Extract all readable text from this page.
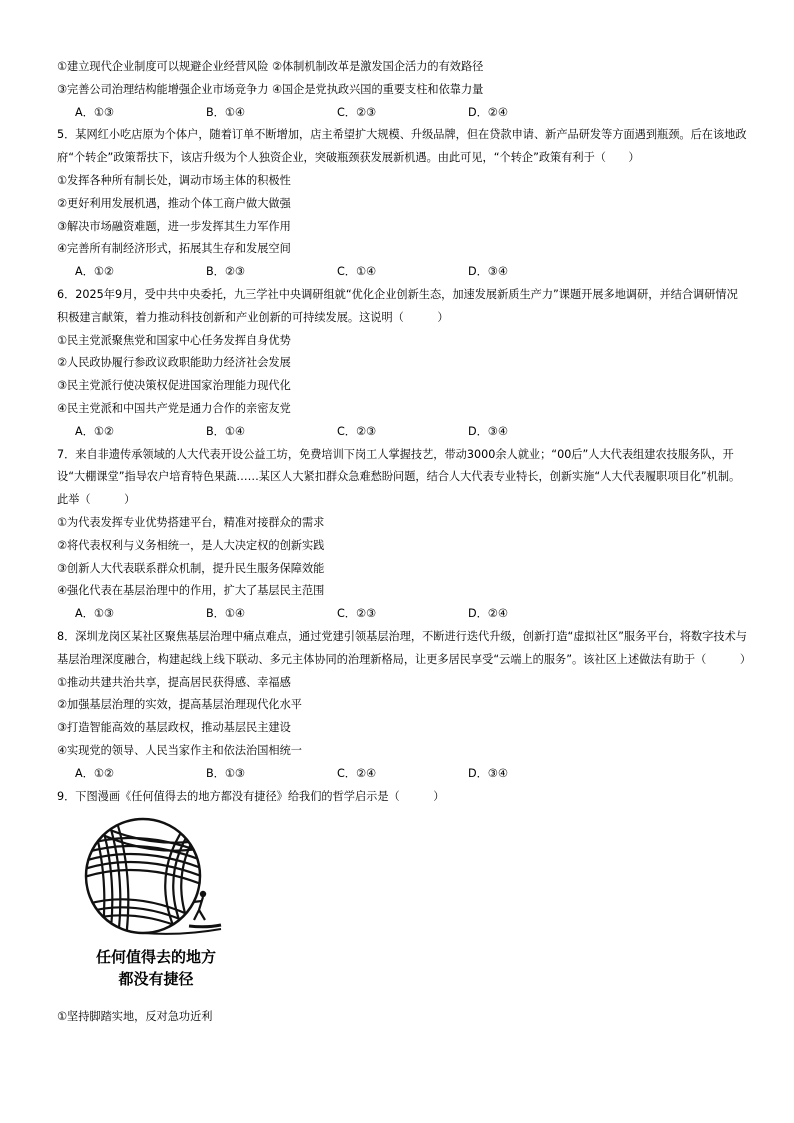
①建立现代企业制度可以规避企业经营风险 ②体制机制改革是激发国企活力的有效路径
③完善公司治理结构能增强企业市场竞争力 ④国企是党执政兴国的重要支柱和依靠力量
A．①③	B．①④	C．②③	D．②④
5．某网红小吃店原为个体户，随着订单不断增加，店主希望扩大规模、升级品牌，但在贷款申请、新产品研发等方面遇到瓶颈。后在该地政府“个转企”政策帮扶下，该店升级为个人独资企业，突破瓶颈获发展新机遇。由此可见，“个转企”政策有利于（　　）
①发挥各种所有制长处，调动市场主体的积极性
②更好利用发展机遇，推动个体工商户做大做强
③解决市场融资难题，进一步发挥其生力军作用
④完善所有制经济形式，拓展其生存和发展空间
A．①②	B．②③	C．①④	D．③④
6．2025年9月，受中共中央委托，九三学社中央调研组就“优化企业创新生态，加速发展新质生产力”课题开展多地调研，并结合调研情况积极建言献策，着力推动科技创新和产业创新的可持续发展。这说明（　　　）
①民主党派聚焦党和国家中心任务发挥自身优势
②人民政协履行参政议政职能助力经济社会发展
③民主党派行使决策权促进国家治理能力现代化
④民主党派和中国共产党是通力合作的亲密友党
A．①②	B．①④	C．②③	D．③④
7．来自非遗传承领域的人大代表开设公益工坊，免费培训下岗工人掌握技艺，带动3000余人就业；“00后”人大代表组建农技服务队，开设“大棚课堂”指导农户培育特色果蔬……某区人大紧扣群众急难愁盼问题，结合人大代表专业特长，创新实施“人大代表履职项目化”机制。此举（　　　）
①为代表发挥专业优势搭建平台，精准对接群众的需求
②将代表权利与义务相统一，是人大决定权的创新实践
③创新人大代表联系群众机制，提升民生服务保障效能
④强化代表在基层治理中的作用，扩大了基层民主范围
A．①③	B．①④	C．②③	D．②④
8．深圳龙岗区某社区聚焦基层治理中痛点难点，通过党建引领基层治理，不断进行迭代升级，创新打造“虚拟社区”服务平台，将数字技术与基层治理深度融合，构建起线上线下联动、多元主体协同的治理新格局，让更多居民享受“云端上的服务”。该社区上述做法有助于（　　　）
①推动共建共治共享，提高居民获得感、幸福感
②加强基层治理的实效，提高基层治理现代化水平
③打造智能高效的基层政权，推动基层民主建设
④实现党的领导、人民当家作主和依法治国相统一
A．①②	B．①③	C．②④	D．③④
9．下图漫画《任何值得去的地方都没有捷径》给我们的哲学启示是（　　　）
任何值得去的地方
都没有捷径
①坚持脚踏实地，反对急功近利
